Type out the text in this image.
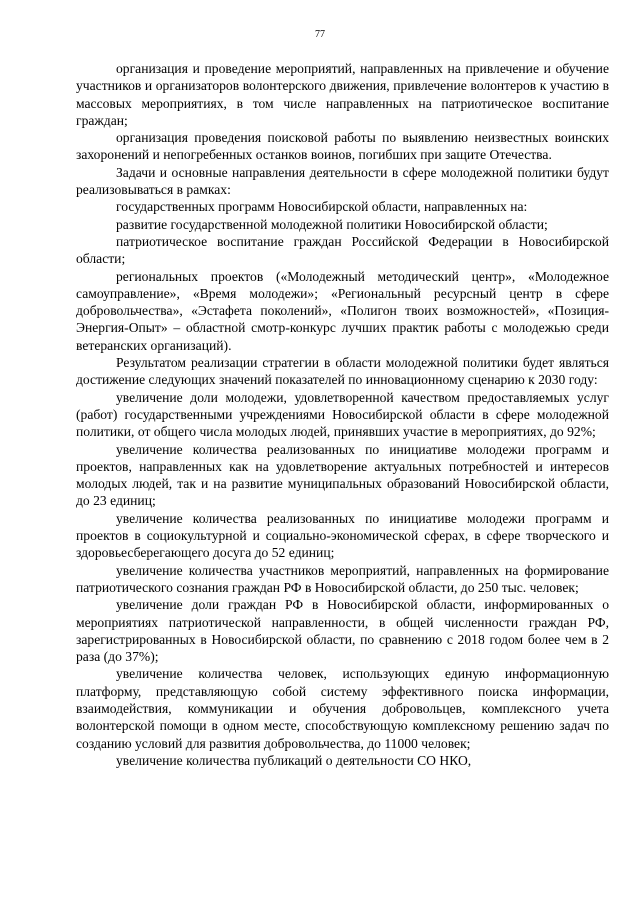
77

организация и проведение мероприятий, направленных на привлечение и обучение участников и организаторов волонтерского движения, привлечение волонтеров к участию в массовых мероприятиях, в том числе направленных на патриотическое воспитание граждан;

организация проведения поисковой работы по выявлению неизвестных воинских захоронений и непогребенных останков воинов, погибших при защите Отечества.

Задачи и основные направления деятельности в сфере молодежной политики будут реализовываться в рамках:

государственных программ Новосибирской области, направленных на:

развитие государственной молодежной политики Новосибирской области;

патриотическое воспитание граждан Российской Федерации в Новосибирской области;

региональных проектов («Молодежный методический центр», «Молодежное самоуправление», «Время молодежи»; «Региональный ресурсный центр в сфере добровольчества», «Эстафета поколений», «Полигон твоих возможностей», «Позиция-Энергия-Опыт» – областной смотр-конкурс лучших практик работы с молодежью среди ветеранских организаций).

Результатом реализации стратегии в области молодежной политики будет являться достижение следующих значений показателей по инновационному сценарию к 2030 году:

увеличение доли молодежи, удовлетворенной качеством предоставляемых услуг (работ) государственными учреждениями Новосибирской области в сфере молодежной политики, от общего числа молодых людей, принявших участие в мероприятиях, до 92%;

увеличение количества реализованных по инициативе молодежи программ и проектов, направленных как на удовлетворение актуальных потребностей и интересов молодых людей, так и на развитие муниципальных образований Новосибирской области, до 23 единиц;

увеличение количества реализованных по инициативе молодежи программ и проектов в социокультурной и социально-экономической сферах, в сфере творческого и здоровьесберегающего досуга до 52 единиц;

увеличение количества участников мероприятий, направленных на формирование патриотического сознания граждан РФ в Новосибирской области, до 250 тыс. человек;

увеличение доли граждан РФ в Новосибирской области, информированных о мероприятиях патриотической направленности, в общей численности граждан РФ, зарегистрированных в Новосибирской области, по сравнению с 2018 годом более чем в 2 раза (до 37%);

увеличение количества человек, использующих единую информационную платформу, представляющую собой систему эффективного поиска информации, взаимодействия, коммуникации и обучения добровольцев, комплексного учета волонтерской помощи в одном месте, способствующую комплексному решению задач по созданию условий для развития добровольчества, до 11000 человек;

увеличение количества публикаций о деятельности СО НКО,
